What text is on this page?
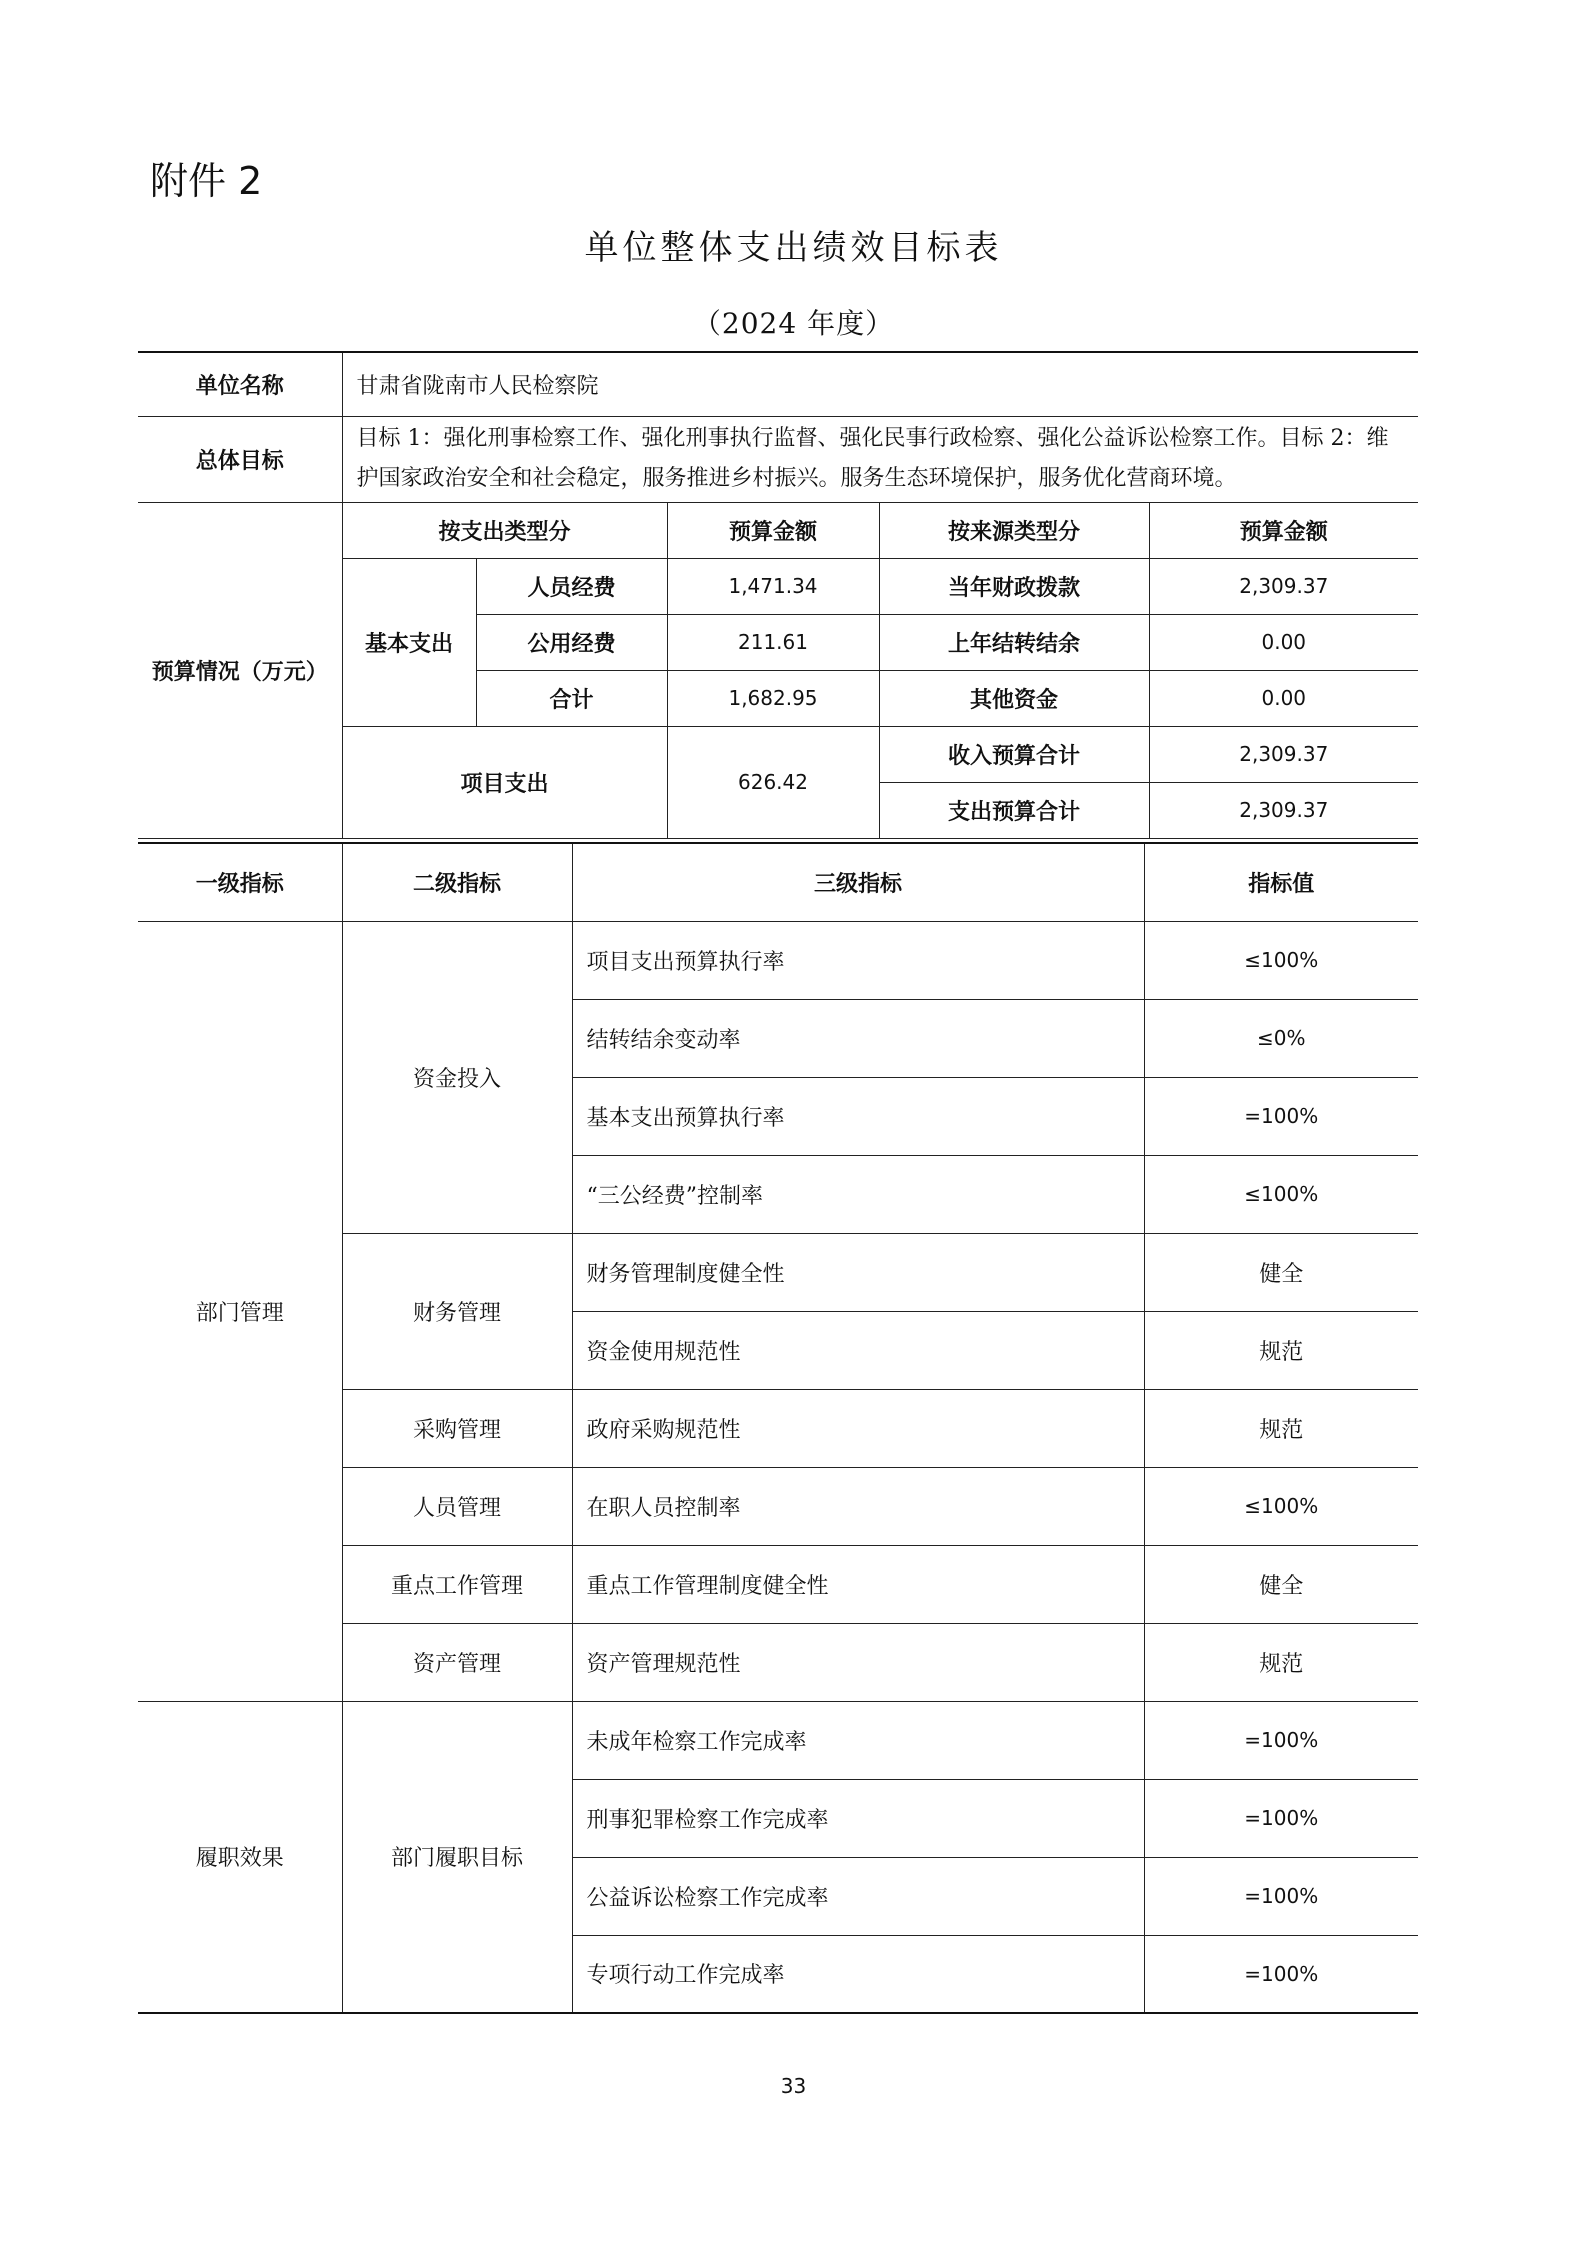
附件 2
单位整体支出绩效目标表
（2024 年度）
单位名称	甘肃省陇南市人民检察院				
总体目标	目标 1：强化刑事检察工作、强化刑事执行监督、强化民事行政检察、强化公益诉讼检察工作。目标 2：维护国家政治安全和社会稳定，服务推进乡村振兴。服务生态环境保护，服务优化营商环境。				
预算情况（万元）	按支出类型分		预算金额	按来源类型分	预算金额
	基本支出	人员经费	1,471.34	当年财政拨款	2,309.37
		公用经费	211.61	上年结转结余	0.00
		合计	1,682.95	其他资金	0.00
	项目支出		626.42	收入预算合计	2,309.37
				支出预算合计	2,309.37

一级指标	二级指标	三级指标	指标值
部门管理	资金投入	项目支出预算执行率	≤100%
		结转结余变动率	≤0%
		基本支出预算执行率	=100%
		“三公经费”控制率	≤100%
	财务管理	财务管理制度健全性	健全
		资金使用规范性	规范
	采购管理	政府采购规范性	规范
	人员管理	在职人员控制率	≤100%
	重点工作管理	重点工作管理制度健全性	健全
	资产管理	资产管理规范性	规范
履职效果	部门履职目标	未成年检察工作完成率	=100%
		刑事犯罪检察工作完成率	=100%
		公益诉讼检察工作完成率	=100%
		专项行动工作完成率	=100%
33
